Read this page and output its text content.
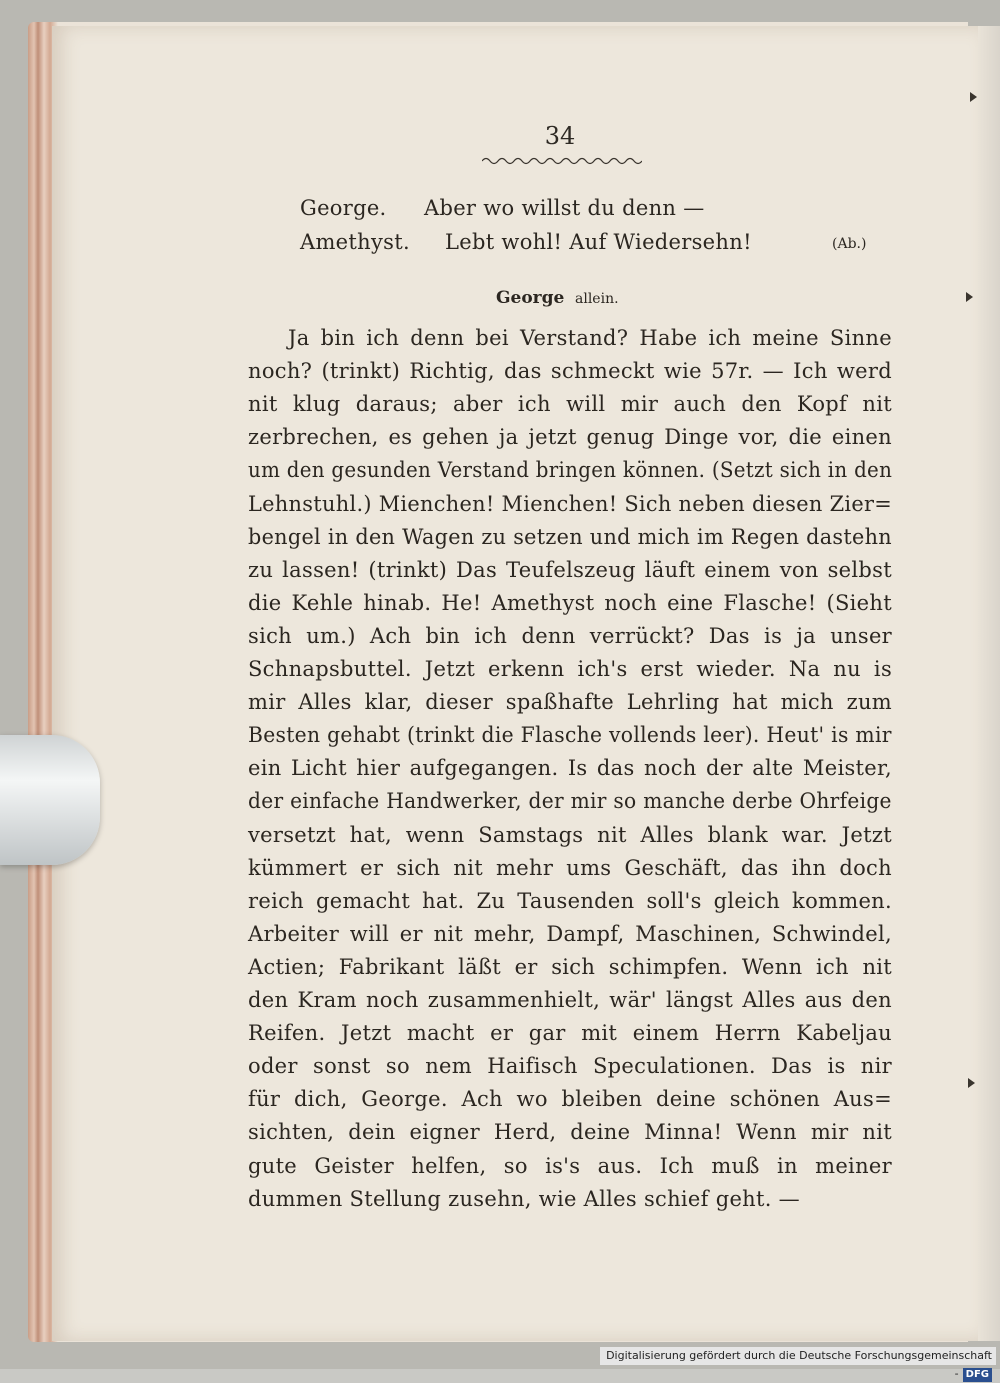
34
George. Aber wo willst du denn —
Amethyst. Lebt wohl! Auf Wiedersehn!	(Ab.)
George allein.
Ja bin ich denn bei Verstand? Habe ich meine Sinne
noch? (trinkt) Richtig, das schmeckt wie 57r. — Ich werd
nit klug daraus; aber ich will mir auch den Kopf nit
zerbrechen, es gehen ja jetzt genug Dinge vor, die einen
um den gesunden Verstand bringen können. (Setzt sich in den
Lehnstuhl.) Mienchen! Mienchen! Sich neben diesen Zier=
bengel in den Wagen zu setzen und mich im Regen dastehn
zu lassen! (trinkt) Das Teufelszeug läuft einem von selbst
die Kehle hinab. He! Amethyst noch eine Flasche! (Sieht
sich um.) Ach bin ich denn verrückt? Das is ja unser
Schnapsbuttel. Jetzt erkenn ich's erst wieder. Na nu is
mir Alles klar, dieser spaßhafte Lehrling hat mich zum
Besten gehabt (trinkt die Flasche vollends leer). Heut' is mir
ein Licht hier aufgegangen. Is das noch der alte Meister,
der einfache Handwerker, der mir so manche derbe Ohrfeige
versetzt hat, wenn Samstags nit Alles blank war. Jetzt
kümmert er sich nit mehr ums Geschäft, das ihn doch
reich gemacht hat. Zu Tausenden soll's gleich kommen.
Arbeiter will er nit mehr, Dampf, Maschinen, Schwindel,
Actien; Fabrikant läßt er sich schimpfen. Wenn ich nit
den Kram noch zusammenhielt, wär' längst Alles aus den
Reifen. Jetzt macht er gar mit einem Herrn Kabeljau
oder sonst so nem Haifisch Speculationen. Das is nir
für dich, George. Ach wo bleiben deine schönen Aus=
sichten, dein eigner Herd, deine Minna! Wenn mir nit
gute Geister helfen, so is's aus. Ich muß in meiner
dummen Stellung zusehn, wie Alles schief geht. —
Digitalisierung gefördert durch die Deutsche Forschungsgemeinschaft - DFG
